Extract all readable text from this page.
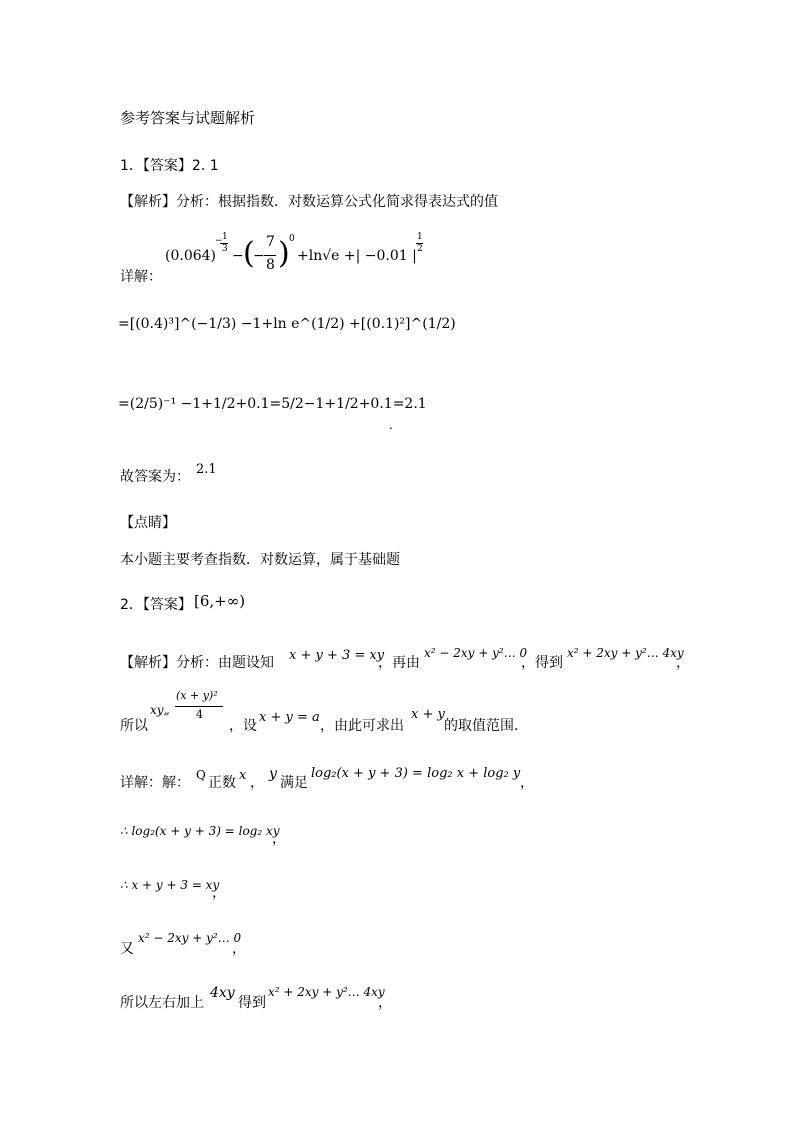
参考答案与试题解析
1．【答案】2. 1
【解析】分析：根据指数．对数运算公式化简求得表达式的值
详解：
(0.064)
− 1
3 − (
−
7
8 ) 0
+ln√e +| −0.01 |
1
2
=[(0.4)³]^(−1/3) −1+ln e^(1/2) +[(0.1)²]^(1/2)
=(2/5)⁻¹ −1+1/2+0.1=5/2−1+1/2+0.1=2.1
.
故答案为： 2.1
【点睛】
本小题主要考查指数．对数运算，属于基础题
2．【答案】 [6,+∞)
【解析】分析：由题设知 x + y + 3 = xy
，再由
x² − 2xy + y²… 0
，得到
x² + 2xy + y²… 4xy
，
所以
xy„
(x + y)²
4
，设
x + y = a
，由此可求出
x + y
的取值范围．
详解：解： Q 正数 x ，
y
满足
log₂(x + y + 3) = log₂ x + log₂ y
，
∴ log₂(x + y + 3) = log₂ xy
，
∴ x + y + 3 = xy
，
又
x² − 2xy + y²… 0
，
所以左右加上
4xy
得到
x² + 2xy + y²… 4xy
，
